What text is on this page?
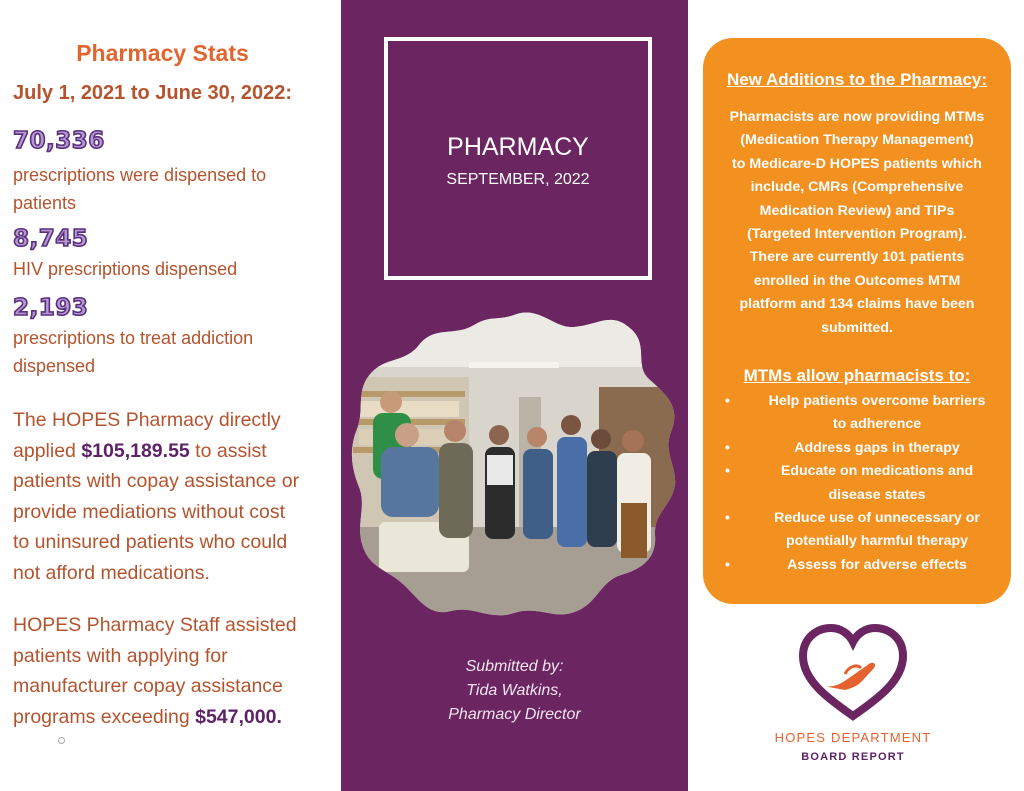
Pharmacy Stats
July 1, 2021 to June 30, 2022:
70,336
prescriptions were dispensed to
patients
8,745
HIV prescriptions dispensed
2,193
prescriptions to treat addiction
dispensed
The HOPES Pharmacy directly
applied $105,189.55 to assist
patients with copay assistance or
provide mediations without cost
to uninsured patients who could
not afford medications.
HOPES Pharmacy Staff assisted
patients with applying for
manufacturer copay assistance
programs exceeding $547,000.
PHARMACY
SEPTEMBER, 2022
Submitted by:
Tida Watkins,
Pharmacy Director
New Additions to the Pharmacy:
Pharmacists are now providing MTMs
(Medication Therapy Management)
to Medicare-D HOPES patients which
include, CMRs (Comprehensive
Medication Review) and TIPs
(Targeted Intervention Program).
There are currently 101 patients
enrolled in the Outcomes MTM
platform and 134 claims have been
submitted.
MTMs allow pharmacists to:
•	Help patients overcome barriers
to adherence
•	Address gaps in therapy
•	Educate on medications and
disease states
•	Reduce use of unnecessary or
potentially harmful therapy
•	Assess for adverse effects
HOPES DEPARTMENT
BOARD REPORT
